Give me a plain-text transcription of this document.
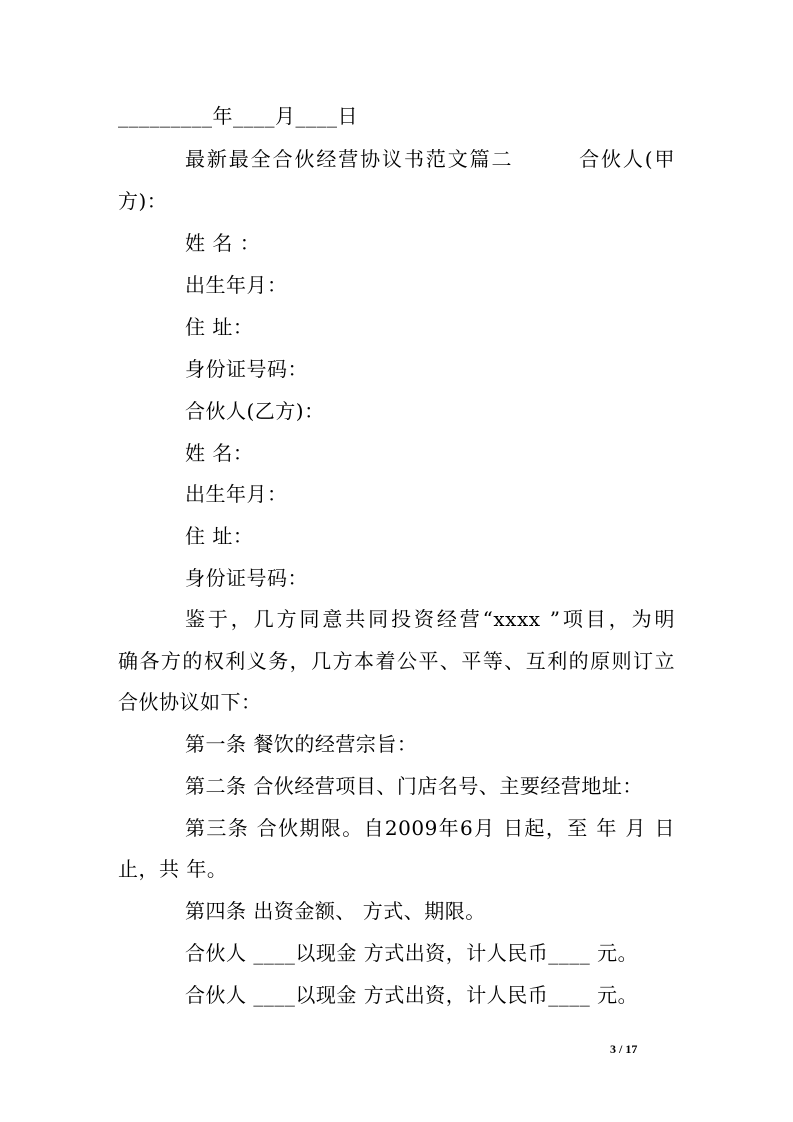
_________年____月____日
最新最全合伙经营协议书范文篇二　　　合伙人(甲
方)：
姓 名 ：
出生年月：
住 址：
身份证号码：
合伙人(乙方)：
姓 名：
出生年月：
住 址：
身份证号码：
鉴于，几方同意共同投资经营“xxxx ”项目，为明
确各方的权利义务，几方本着公平、平等、互利的原则订立
合伙协议如下：
第一条 餐饮的经营宗旨：
第二条 合伙经营项目、门店名号、主要经营地址：
第三条 合伙期限。自2009年6月 日起，至 年 月 日
止，共 年。
第四条 出资金额、 方式、期限。
合伙人 ____以现金 方式出资，计人民币____ 元。
合伙人 ____以现金 方式出资，计人民币____ 元。
3 / 17
